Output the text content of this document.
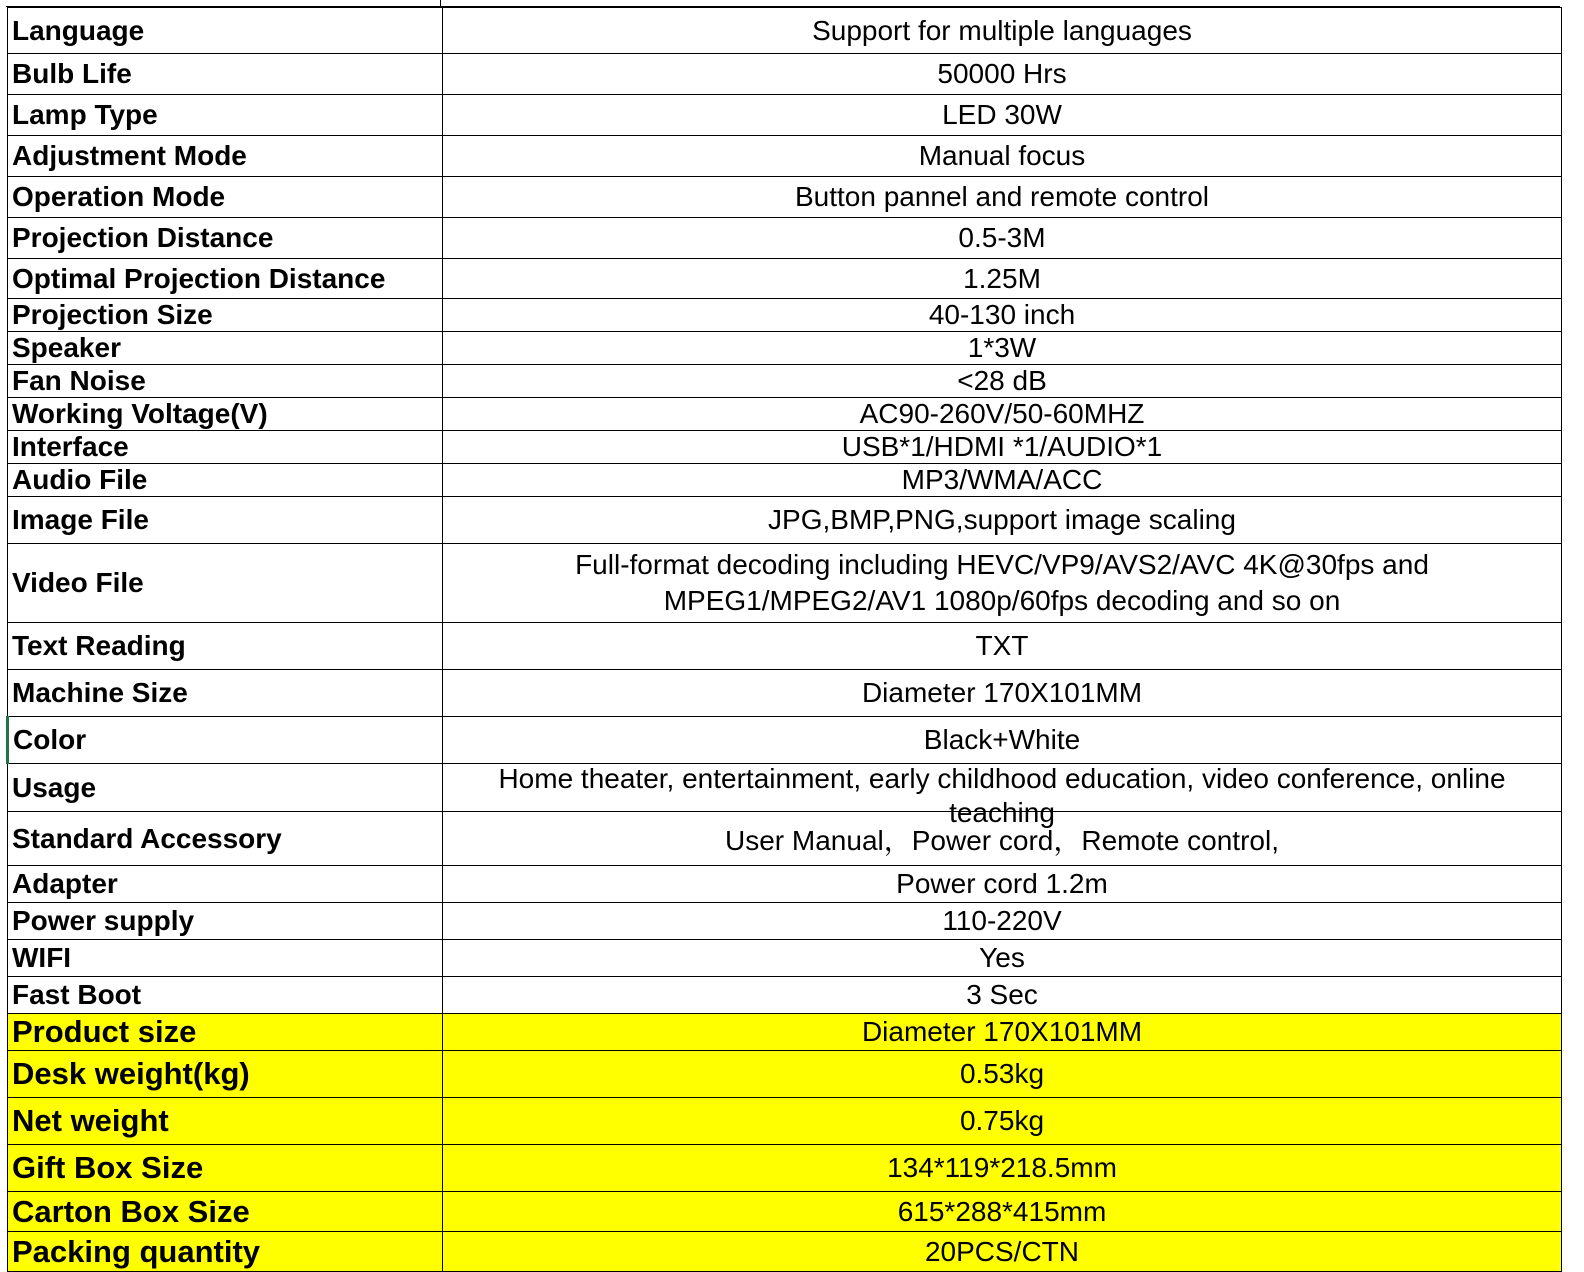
Language	Support for multiple languages
Bulb Life	50000 Hrs
Lamp Type	LED 30W
Adjustment Mode	Manual focus
Operation Mode	Button pannel and remote control
Projection Distance	0.5-3M
Optimal Projection Distance	1.25M
Projection Size	40-130 inch
Speaker	1*3W
Fan Noise	<28 dB
Working Voltage(V)	AC90-260V/50-60MHZ
Interface	USB*1/HDMI *1/AUDIO*1
Audio File	MP3/WMA/ACC
Image File	JPG,BMP,PNG,support image scaling
Video File	Full-format decoding including HEVC/VP9/AVS2/AVC 4K@30fps and MPEG1/MPEG2/AV1 1080p/60fps decoding and so on

Text Reading	TXT
Machine Size	Diameter 170X101MM
Color	Black+White
Usage	Home theater, entertainment, early childhood education, video conference, online teaching

Standard Accessory	User Manual，Power cord，Remote control,
Adapter	Power cord 1.2m
Power supply	110-220V
WIFI	Yes
Fast Boot	3 Sec
Product size	Diameter 170X101MM
Desk weight(kg)	0.53kg
Net weight	0.75kg
Gift Box Size	134*119*218.5mm
Carton Box Size	615*288*415mm
Packing quantity	20PCS/CTN
